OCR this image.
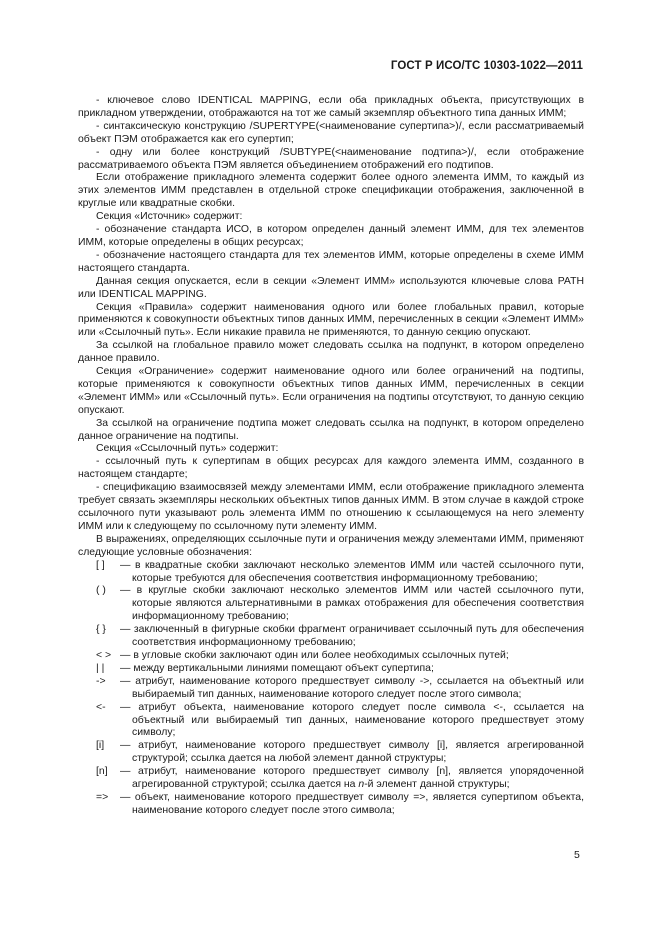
ГОСТ Р ИСО/ТС 10303-1022—2011

- ключевое слово IDENTICAL MAPPING, если оба прикладных объекта, присутствующих в прикладном утверждении, отображаются на тот же самый экземпляр объектного типа данных ИММ;

- синтаксическую конструкцию /SUPERTYPE(<наименование супертипа>)/, если рассматриваемый объект ПЭМ отображается как его супертип;

- одну или более конструкций /SUBTYPE(<наименование подтипа>)/, если отображение рассматриваемого объекта ПЭМ является объединением отображений его подтипов.

Если отображение прикладного элемента содержит более одного элемента ИММ, то каждый из этих элементов ИММ представлен в отдельной строке спецификации отображения, заключенной в круглые или квадратные скобки.

Секция «Источник» содержит:

- обозначение стандарта ИСО, в котором определен данный элемент ИММ, для тех элементов ИММ, которые определены в общих ресурсах;

- обозначение настоящего стандарта для тех элементов ИММ, которые определены в схеме ИММ настоящего стандарта.

Данная секция опускается, если в секции «Элемент ИММ» используются ключевые слова PATH или IDENTICAL MAPPING.

Секция «Правила» содержит наименования одного или более глобальных правил, которые применяются к совокупности объектных типов данных ИММ, перечисленных в секции «Элемент ИММ» или «Ссылочный путь». Если никакие правила не применяются, то данную секцию опускают.

За ссылкой на глобальное правило может следовать ссылка на подпункт, в котором определено данное правило.

Секция «Ограничение» содержит наименование одного или более ограничений на подтипы, которые применяются к совокупности объектных типов данных ИММ, перечисленных в секции «Элемент ИММ» или «Ссылочный путь». Если ограничения на подтипы отсутствуют, то данную секцию опускают.

За ссылкой на ограничение подтипа может следовать ссылка на подпункт, в котором определено данное ограничение на подтипы.

Секция «Ссылочный путь» содержит:

- ссылочный путь к супертипам в общих ресурсах для каждого элемента ИММ, созданного в настоящем стандарте;

- спецификацию взаимосвязей между элементами ИММ, если отображение прикладного элемента требует связать экземпляры нескольких объектных типов данных ИММ. В этом случае в каждой строке ссылочного пути указывают роль элемента ИММ по отношению к ссылающемуся на него элементу ИММ или к следующему по ссылочному пути элементу ИММ.

В выражениях, определяющих ссылочные пути и ограничения между элементами ИММ, применяют следующие условные обозначения:

[ ]	— в квадратные скобки заключают несколько элементов ИММ или частей ссылочного пути, которые требуются для обеспечения соответствия информационному требованию;
( )	— в круглые скобки заключают несколько элементов ИММ или частей ссылочного пути, которые являются альтернативными в рамках отображения для обеспечения соответствия информационному требованию;
{ }	— заключенный в фигурные скобки фрагмент ограничивает ссылочный путь для обеспечения соответствия информационному требованию;
< > — в угловые скобки заключают один или более необходимых ссылочных путей;
| |	— между вертикальными линиями помещают объект супертипа;
->	— атрибут, наименование которого предшествует символу ->, ссылается на объектный или выбираемый тип данных, наименование которого следует после этого символа;
<-	— атрибут объекта, наименование которого следует после символа <-, ссылается на объектный или выбираемый тип данных, наименование которого предшествует этому символу;
[i]	— атрибут, наименование которого предшествует символу [i], является агрегированной структурой; ссылка дается на любой элемент данной структуры;
[n]	— атрибут, наименование которого предшествует символу [n], является упорядоченной агрегированной структурой; ссылка дается на n-й элемент данной структуры;
=>	— объект, наименование которого предшествует символу =>, является супертипом объекта, наименование которого следует после этого символа;
5
